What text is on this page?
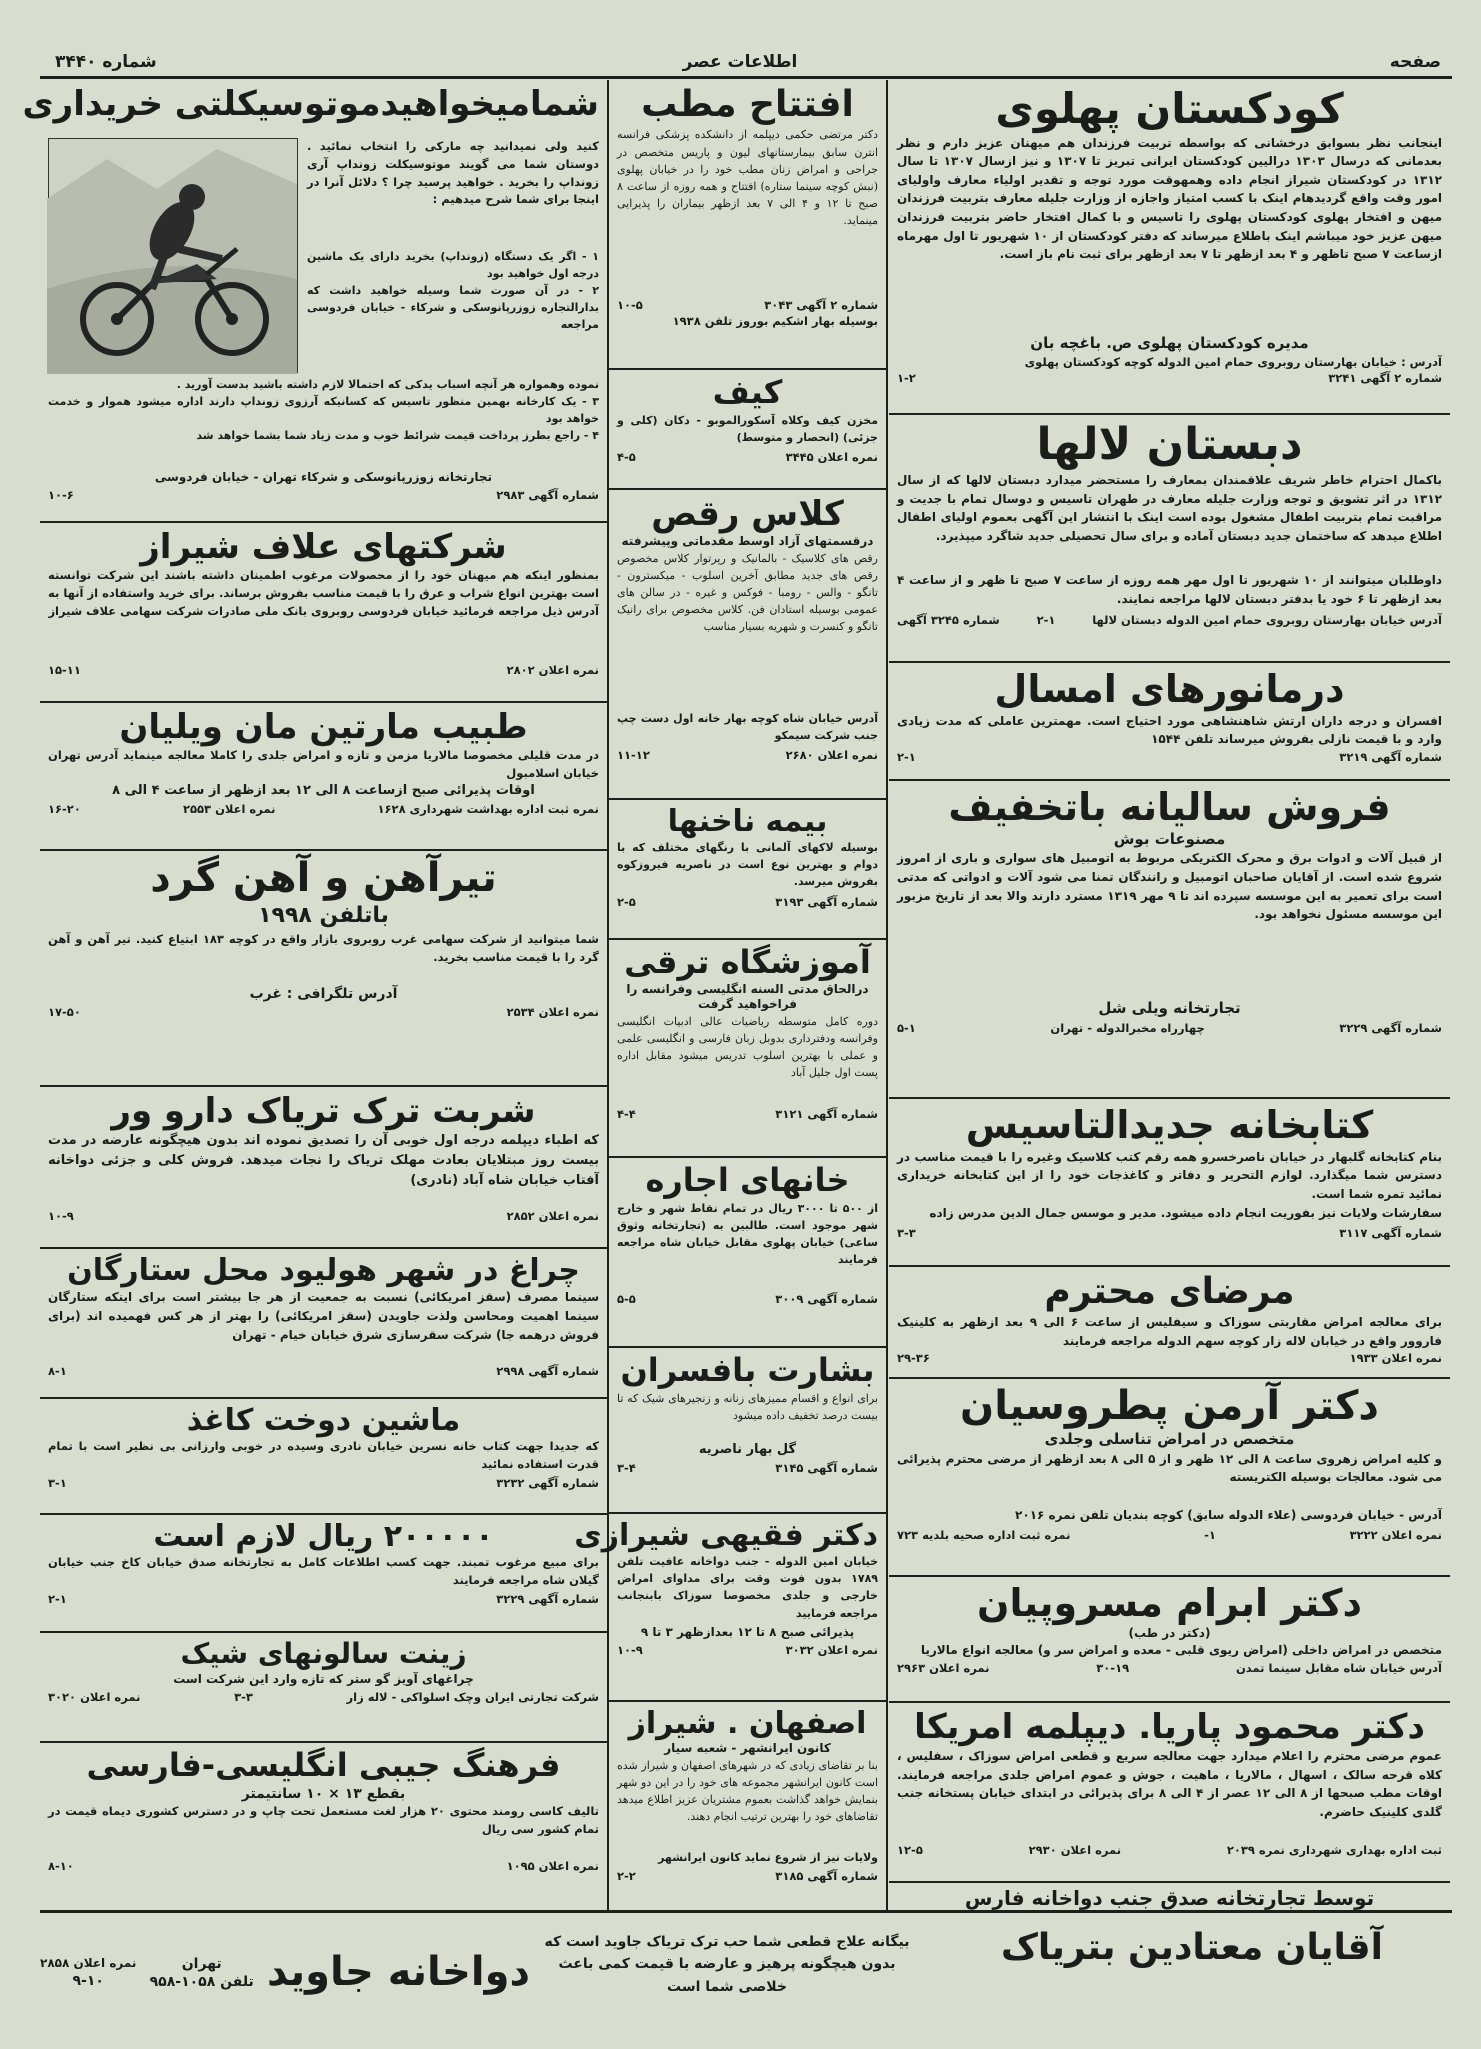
صفحه
اطلاعات عصر
شماره ۳۴۴۰
کودکستان پهلوی
اینجانب نظر بسوابق درخشانی که بواسطه تربیت فرزندان هم میهنان عزیز دارم و نظر بعدمانی که درسال ۱۳۰۳ درالیین کودکستان ایرانی تبریز تا ۱۳۰۷ و نیز ازسال ۱۳۰۷ تا سال ۱۳۱۲ در کودکستان شیراز انجام داده وهمهوقت مورد توجه و تقدیر اولیاء معارف واولیای امور وقت واقع گردیدهام اینک با کسب امتیاز واجازه از وزارت جلیله معارف بتربیت فرزندان میهن و افتخار پهلوی کودکستان پهلوی را تاسیس و با کمال افتخار حاضر بتربیت فرزندان میهن عزیز خود میباشم اینک باطلاع میرساند که دفتر کودکستان از ۱۰ شهریور تا اول مهرماه ازساعت ۷ صبح تاظهر و ۴ بعد ازظهر تا ۷ بعد ازظهر برای ثبت نام باز است.
مدیره کودکستان پهلوی ص. باغچه بان
آدرس : خیابان بهارستان روبروی حمام امین الدوله کوچه کودکستان پهلوی
شماره ۲ آگهی ۳۲۴۱
۱-۲
دبستان لالها
باکمال احترام خاطر شریف علاقمندان بمعارف را مستحضر میدارد دبستان لالها که از سال ۱۳۱۲ در اثر تشویق و توجه وزارت جلیله معارف در طهران تاسیس و دوسال تمام با جدیت و مراقبت تمام بتربیت اطفال مشغول بوده است اینک با انتشار این آگهی بعموم اولیای اطفال اطلاع میدهد که ساختمان جدید دبستان آماده و برای سال تحصیلی جدید شاگرد میپذیرد.
داوطلبان میتوانند از ۱۰ شهریور تا اول مهر همه روزه از ساعت ۷ صبح تا ظهر و از ساعت ۴ بعد ازظهر تا ۶ خود یا بدفتر دبستان لالها مراجعه نمایند.
آدرس خیابان بهارستان روبروی حمام امین الدوله دبستان لالها
۲-۱
شماره ۳۲۴۵ آگهی
درمانورهای امسال
افسران و درجه داران ارتش شاهنشاهی مورد احتیاج است. مهمترین عاملی که مدت زیادی وارد و با قیمت نازلی بفروش میرساند تلفن ۱۵۴۴
شماره آگهی ۳۲۱۹
۲-۱
فروش سالیانه باتخفیف
مصنوعات بوش
از قبیل آلات و ادوات برق و محرک الکتریکی مربوط به اتومبیل های سواری و باری از امروز شروع شده است. از آقایان صاحبان اتومبیل و رانندگان تمنا می شود آلات و ادواتی که مدتی است برای تعمیر به این موسسه سپرده اند تا ۹ مهر ۱۳۱۹ مسترد دارند والا بعد از تاریخ مزبور این موسسه مسئول نخواهد بود.
تجارتخانه ویلی شل
شماره آگهی ۳۲۲۹
چهارراه مخبرالدوله - تهران
۵-۱
کتابخانه جدیدالتاسیس
بنام کتابخانه گلبهار در خیابان ناصرخسرو همه رقم کتب کلاسیک وغیره را با قیمت مناسب در دسترس شما میگذارد. لوازم التحریر و دفاتر و کاغذجات خود را از این کتابخانه خریداری نمائید تمره شما است.
سفارشات ولایات نیز بفوریت انجام داده میشود. مدیر و موسس جمال الدین مدرس زاده
شماره آگهی ۳۱۱۷
۳-۳
مرضای محترم
برای معالجه امراض مقاربتی سوزاک و سیفلیس از ساعت ۶ الی ۹ بعد ازظهر به کلینیک فاروور واقع در خیابان لاله زار کوچه سهم الدوله مراجعه فرمایند
نمره اعلان ۱۹۳۳
۲۹-۳۶
دکتر آرمن پطروسیان
متخصص در امراض تناسلی وجلدی
و کلیه امراض زهروی ساعت ۸ الی ۱۲ ظهر و از ۵ الی ۸ بعد ازظهر از مرضی محترم پذیرائی می شود. معالجات بوسیله الکتریسته
آدرس - خیابان فردوسی (علاء الدوله سابق) کوچه بندیان تلفن نمره ۲۰۱۶
نمره اعلان ۳۲۲۲
۱-
نمره ثبت اداره صحیه بلدیه ۷۲۳
دکتر ابرام مسروپیان
(دکتر در طب)
متخصص در امراض داخلی (امراض ریوی قلبی - معده و امراض سر و) معالجه انواع مالاریا
آدرس خیابان شاه مقابل سینما تمدن
۳۰-۱۹
نمره اعلان ۲۹۶۳
دکتر محمود پاریا. دیپلمه امریکا
عموم مرضی محترم را اعلام میدارد جهت معالجه سریع و قطعی امراض سوزاک ، سفلیس ، کلاه قرحه سالک ، اسهال ، مالاریا ، ماهیت ، جوش و عموم امراض جلدی مراجعه فرمایند. اوقات مطب صبحها از ۸ الی ۱۲ عصر از ۴ الی ۸ برای پذیرائی در ابتدای خیابان پستخانه جنب گلدی کلینیک حاضرم.
ثبت اداره بهداری شهرداری نمره ۲۰۳۹
نمره اعلان ۲۹۳۰
۱۲-۵
توسط تجارتخانه صدق جنب دواخانه فارس
افتتاح مطب
دکتر مرتضی حکمی دیپلمه از دانشکده پزشکی فرانسه انترن سابق بیمارستانهای لیون و پاریس متخصص در جراحی و امراض زنان مطب خود را در خیابان پهلوی (نبش کوچه سینما ستاره) افتتاح و همه روزه از ساعت ۸ صبح تا ۱۲ و ۴ الی ۷ بعد ازظهر بیماران را پذیرایی مینماید.
شماره ۲ آگهی ۳۰۴۳
۱۰-۵
بوسیله بهار اشکیم بوروز تلفن ۱۹۳۸
کیف
مخزن کیف وکلاه آسکورالموبو - دکان (کلی و جزئی) (انحصار و متوسط)
نمره اعلان ۳۴۴۵
۴-۵
کلاس رقص
درقسمتهای آزاد اوسط مقدماتی وپیشرفته
رقص های کلاسیک - بالمانیک و رپرتوار کلاس مخصوص رقص های جدید مطابق آخرین اسلوب - میکسترون - تانگو - والس - رومبا - فوکس و غیره - در سالن های عمومی بوسیله استادان فن. کلاس مخصوص برای رانیک تانگو و کنسرت و شهریه بسیار مناسب
آدرس خیابان شاه کوچه بهار خانه اول دست چپ جنب شرکت سیمکو
نمره اعلان ۲۶۸۰
۱۱-۱۲
بیمه ناخنها
بوسیله لاکهای آلمانی با رنگهای مختلف که با دوام و بهترین نوع است در ناصریه فیروزکوه بفروش میرسد.
شماره آگهی ۳۱۹۳
۲-۵
آموزشگاه ترقی
درالحاق مدتی السنه انگلیسی وفرانسه را فراخواهید گرفت
دوره کامل متوسطه ریاضیات عالی ادبیات انگلیسی وفرانسه ودفترداری بدوبل زبان فارسی و انگلیسی علمی و عملی با بهترین اسلوب تدریس میشود مقابل اداره پست اول جلیل آباد
شماره آگهی ۳۱۲۱
۴-۴
خانهای اجاره
از ۵۰۰ تا ۳۰۰۰ ریال در تمام نقاط شهر و خارج شهر موجود است. طالبین به (تجارتخانه وثوق ساعی) خیابان پهلوی مقابل خیابان شاه مراجعه فرمایند
شماره آگهی ۳۰۰۹
۵-۵
بشارت بافسران
برای انواع و اقسام ممیزهای زنانه و زنجیرهای شیک که تا بیست درصد تخفیف داده میشود
گل بهار ناصریه
شماره آگهی ۳۱۴۵
۳-۴
دکتر فقیهی شیرازی
خیابان امین الدوله - جنب دواخانه عافیت تلفن ۱۷۸۹ بدون فوت وقت برای مداوای امراض خارجی و جلدی مخصوصا سوزاک بابنجانب مراجعه فرمایید
پذیرائی صبح ۸ تا ۱۲ بعدازظهر ۳ تا ۹
نمره اعلان ۳۰۳۲
۱۰-۹
اصفهان . شیراز
کانون ایرانشهر - شعبه سیار
بنا بر تقاضای زیادی که در شهرهای اصفهان و شیراز شده است کانون ایرانشهر مجموعه های خود را در این دو شهر بنمایش خواهد گذاشت بعموم مشتریان عزیز اطلاع میدهد تقاضاهای خود را بهترین ترتیب انجام دهند.
ولایات نیز از شروع نماید کانون ایرانشهر
شماره آگهی ۳۱۸۵
۲-۲
شمامیخواهیدموتوسیکلتی خریداری
کنید ولی نمیدانید چه مارکی را انتخاب نمائید . دوستان شما می گویند موتوسیکلت زونداپ آری زونداپ را بخرید . خواهید پرسید چرا ؟ دلائل آنرا در اینجا برای شما شرح میدهیم :
۱ - اگر یک دستگاه (زونداپ) بخرید دارای یک ماشین درجه اول خواهید بود
۲ - در آن صورت شما وسیله خواهید داشت که بدارالتجاره زوزرپانوسکی و شرکاء - خیابان فردوسی مراجعه
نموده وهمواره هر آنچه اسباب یدکی که احتمالا لازم داشته باشید بدست آورید .
۳ - یک کارخانه بهمین منظور تاسیس که کسانیکه آرزوی زونداپ دارند اداره میشود هموار و خدمت خواهد بود
۴ - راجع بطرز پرداخت قیمت شرائط خوب و مدت زیاد شما بشما خواهد شد
تجارتخانه زوزرپانوسکی و شرکاء تهران - خیابان فردوسی
شماره آگهی ۲۹۸۳
۱۰-۶
شرکتهای علاف شیراز
بمنظور اینکه هم میهنان خود را از محصولات مرغوب اطمینان داشته باشند این شرکت توانسته است بهترین انواع شراب و عرق را با قیمت مناسب بفروش برساند. برای خرید واستفاده از آنها به آدرس ذیل مراجعه فرمائید خیابان فردوسی روبروی بانک ملی صادرات شرکت سهامی علاف شیراز
نمره اعلان ۲۸۰۲
۱۵-۱۱
طبیب مارتین مان ویلیان
در مدت قلیلی مخصوصا مالاریا مزمن و تازه و امراض جلدی را کاملا معالجه مینماید آدرس تهران خیابان اسلامبول
اوقات پذیرائی صبح ازساعت ۸ الی ۱۲ بعد ازظهر از ساعت ۴ الی ۸
نمره ثبت اداره بهداشت شهرداری ۱۶۲۸
نمره اعلان ۲۵۵۳
۱۶-۲۰
تیرآهن و آهن گرد
باتلفن ۱۹۹۸
شما میتوانید از شرکت سهامی غرب روبروی بازار واقع در کوچه ۱۸۳ ابتیاع کنید. تیر آهن و آهن گرد را با قیمت مناسب بخرید.
آدرس تلگرافی : غرب
نمره اعلان ۲۵۳۴
۱۷-۵۰
شربت ترک تریاک دارو ور
که اطباء دیپلمه درجه اول خوبی آن را تصدیق نموده اند بدون هیچگونه عارضه در مدت بیست روز مبتلایان بعادت مهلک تریاک را نجات میدهد. فروش کلی و جزئی دواخانه آفتاب خیابان شاه آباد (نادری)
نمره اعلان ۲۸۵۲
۱۰-۹
چراغ در شهر هولیود محل ستارگان
سینما مصرف (سقز امریکائی) نسبت به جمعیت از هر جا بیشتر است برای اینکه ستارگان سینما اهمیت ومحاسن ولذت جاویدن (سقز امریکائی) را بهتر از هر کس فهمیده اند (برای فروش درهمه جا) شرکت سقرسازی شرق خیابان خیام - تهران
شماره آگهی ۲۹۹۸
۸-۱
ماشین دوخت کاغذ
که جدیدا جهت کتاب خانه نسرین خیابان نادری وسیده در خوبی وارزانی بی نظیر است با تمام قدرت استفاده نمائید
شماره آگهی ۳۲۳۲
۳-۱
۲۰۰۰۰۰ ریال لازم است
برای مبیع مرغوب تمبند. جهت کسب اطلاعات کامل به تجارتخانه صدق خیابان کاخ جنب خیابان گیلان شاه مراجعه فرمایند
شماره آگهی ۳۲۲۹
۲-۱
زینت سالونهای شیک
چراغهای آویز گو ستر که تازه وارد این شرکت است
شرکت تجارتی ایران وچک اسلواکی - لاله زار
۳-۳
نمره اعلان ۳۰۲۰
فرهنگ جیبی انگلیسی-فارسی
بقطع ۱۳ × ۱۰ سانتیمتر
تالیف کاسی رومند محتوی ۲۰ هزار لغت مستعمل تحت چاپ و در دسترس کشوری دیماه قیمت در تمام کشور سی ریال
نمره اعلان ۱۰۹۵
۸-۱۰
آقایان معتادین بتریاک
بیگانه علاج قطعی شما حب ترک تریاک جاوید است که بدون هیچگونه پرهیز و عارضه با قیمت کمی باعث خلاصی شما است
دواخانه جاوید
تهران
تلفن ۱۰۵۸-۹۵۸
نمره اعلان ۲۸۵۸
۹-۱۰
